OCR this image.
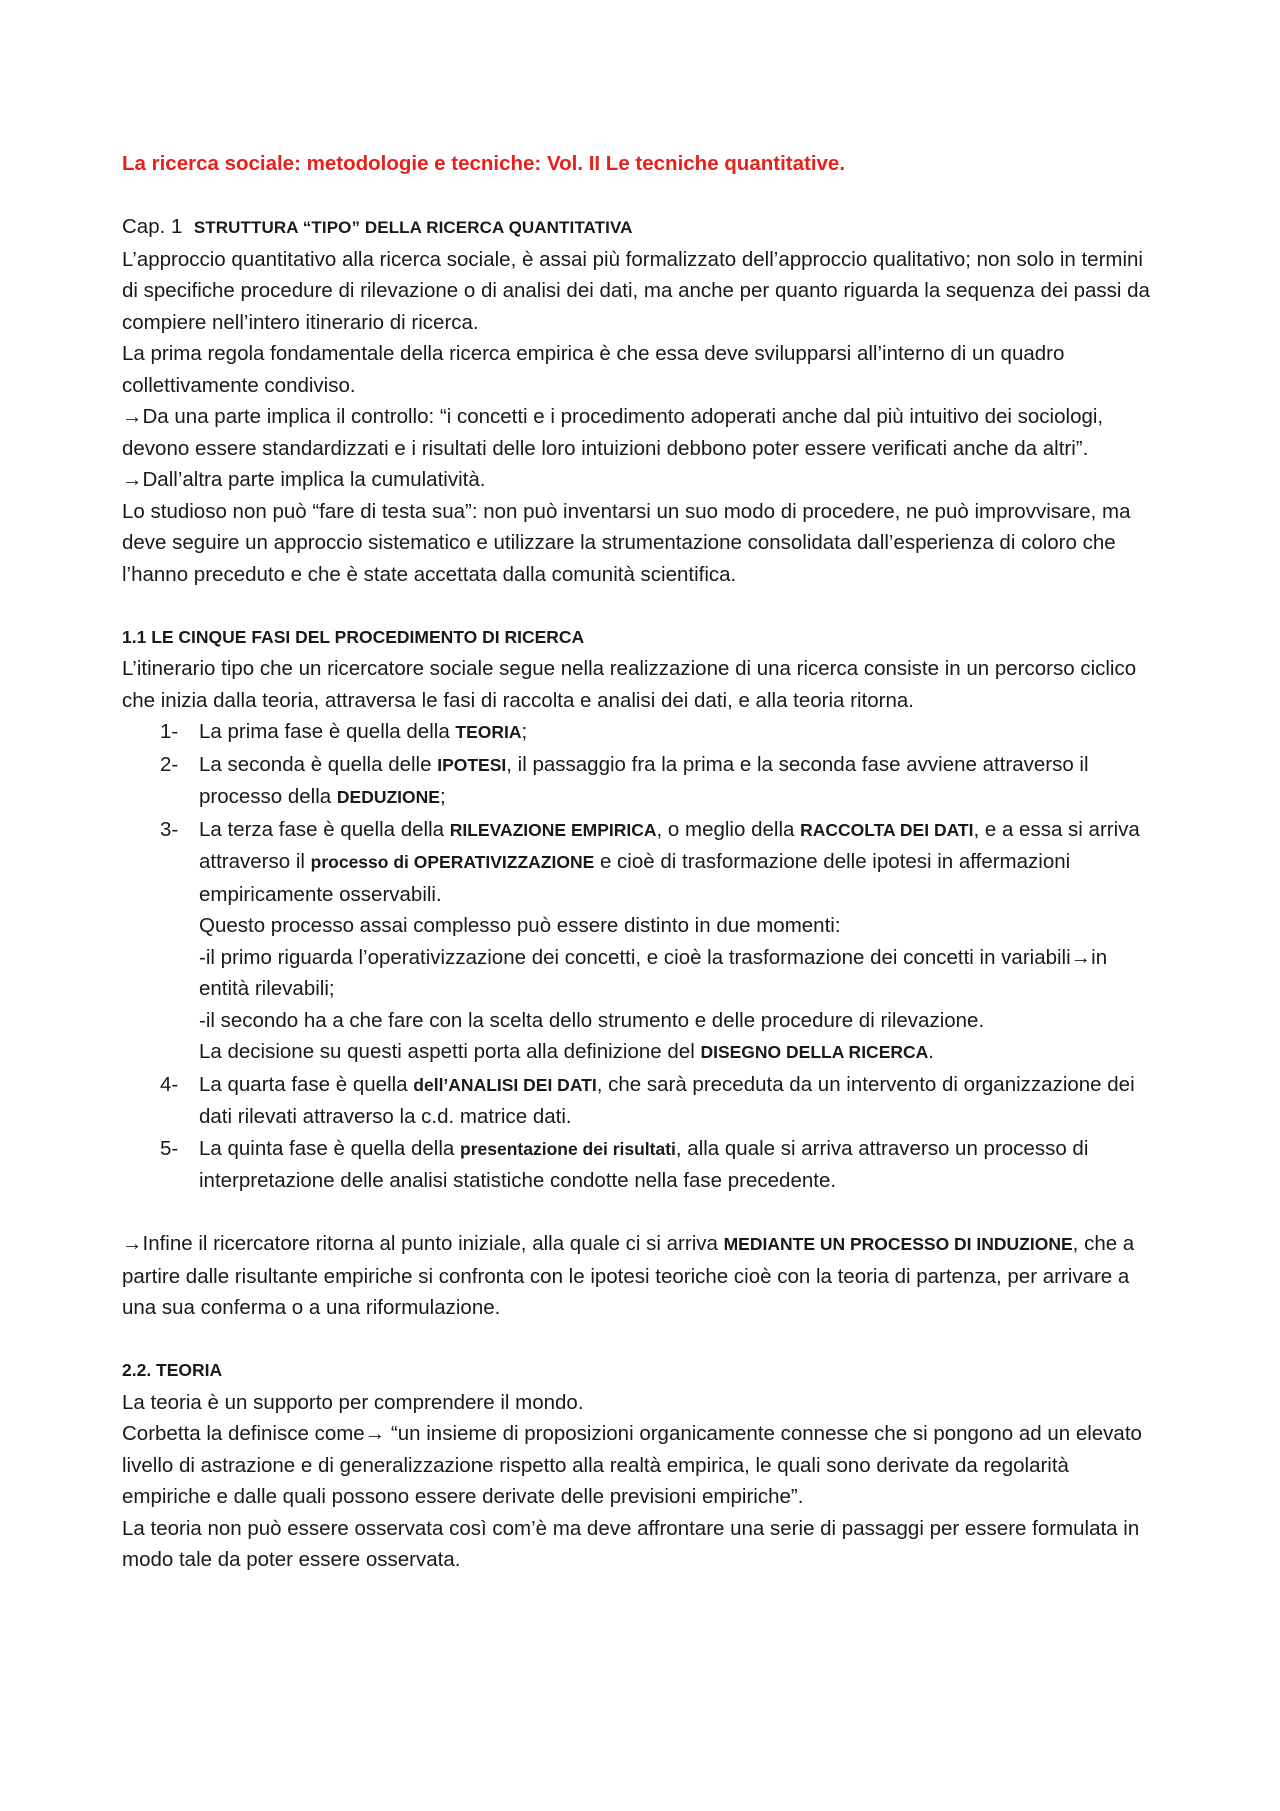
La ricerca sociale: metodologie e tecniche: Vol. II Le tecniche quantitative.

Cap. 1 STRUTTURA “TIPO” DELLA RICERCA QUANTITATIVA

L’approccio quantitativo alla ricerca sociale, è assai più formalizzato dell’approccio qualitativo; non solo in termini di specifiche procedure di rilevazione o di analisi dei dati, ma anche per quanto riguarda la sequenza dei passi da compiere nell’intero itinerario di ricerca.

La prima regola fondamentale della ricerca empirica è che essa deve svilupparsi all’interno di un quadro collettivamente condiviso.

→Da una parte implica il controllo: “i concetti e i procedimento adoperati anche dal più intuitivo dei sociologi, devono essere standardizzati e i risultati delle loro intuizioni debbono poter essere verificati anche da altri”.

→Dall’altra parte implica la cumulatività.

Lo studioso non può “fare di testa sua”: non può inventarsi un suo modo di procedere, ne può improvvisare, ma deve seguire un approccio sistematico e utilizzare la strumentazione consolidata dall’esperienza di coloro che l’hanno preceduto e che è state accettata dalla comunità scientifica.

1.1 LE CINQUE FASI DEL PROCEDIMENTO DI RICERCA

L’itinerario tipo che un ricercatore sociale segue nella realizzazione di una ricerca consiste in un percorso ciclico che inizia dalla teoria, attraversa le fasi di raccolta e analisi dei dati, e alla teoria ritorna.

1- La prima fase è quella della TEORIA;
2- La seconda è quella delle IPOTESI, il passaggio fra la prima e la seconda fase avviene attraverso il processo della DEDUZIONE;
3- La terza fase è quella della RILEVAZIONE EMPIRICA, o meglio della RACCOLTA DEI DATI, e a essa si arriva attraverso il processo di OPERATIVIZZAZIONE e cioè di trasformazione delle ipotesi in affermazioni empiricamente osservabili.
Questo processo assai complesso può essere distinto in due momenti:
-il primo riguarda l’operativizzazione dei concetti, e cioè la trasformazione dei concetti in variabili→in entità rilevabili;
-il secondo ha a che fare con la scelta dello strumento e delle procedure di rilevazione.
La decisione su questi aspetti porta alla definizione del DISEGNO DELLA RICERCA.
4- La quarta fase è quella dell’ANALISI DEI DATI, che sarà preceduta da un intervento di organizzazione dei dati rilevati attraverso la c.d. matrice dati.
5- La quinta fase è quella della presentazione dei risultati, alla quale si arriva attraverso un processo di interpretazione delle analisi statistiche condotte nella fase precedente.

→Infine il ricercatore ritorna al punto iniziale, alla quale ci si arriva MEDIANTE UN PROCESSO DI INDUZIONE, che a partire dalle risultante empiriche si confronta con le ipotesi teoriche cioè con la teoria di partenza, per arrivare a una sua conferma o a una riformulazione.

2.2. TEORIA

La teoria è un supporto per comprendere il mondo.

Corbetta la definisce come→ “un insieme di proposizioni organicamente connesse che si pongono ad un elevato livello di astrazione e di generalizzazione rispetto alla realtà empirica, le quali sono derivate da regolarità empiriche e dalle quali possono essere derivate delle previsioni empiriche”.

La teoria non può essere osservata così com’è ma deve affrontare una serie di passaggi per essere formulata in modo tale da poter essere osservata.
